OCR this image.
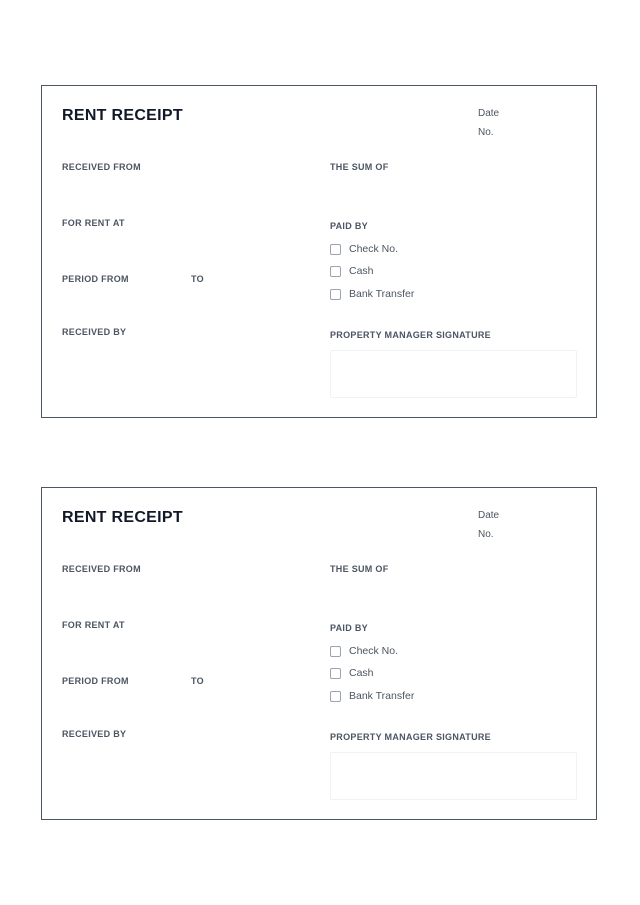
RENT RECEIPT	Date
No.
RECEIVED FROM
FOR RENT AT
PERIOD FROM	TO
RECEIVED BY
THE SUM OF
PAID BY
Check No.
Cash
Bank Transfer
PROPERTY MANAGER SIGNATURE
RENT RECEIPT	Date
No.
RECEIVED FROM
FOR RENT AT
PERIOD FROM	TO
RECEIVED BY
THE SUM OF
PAID BY
Check No.
Cash
Bank Transfer
PROPERTY MANAGER SIGNATURE
